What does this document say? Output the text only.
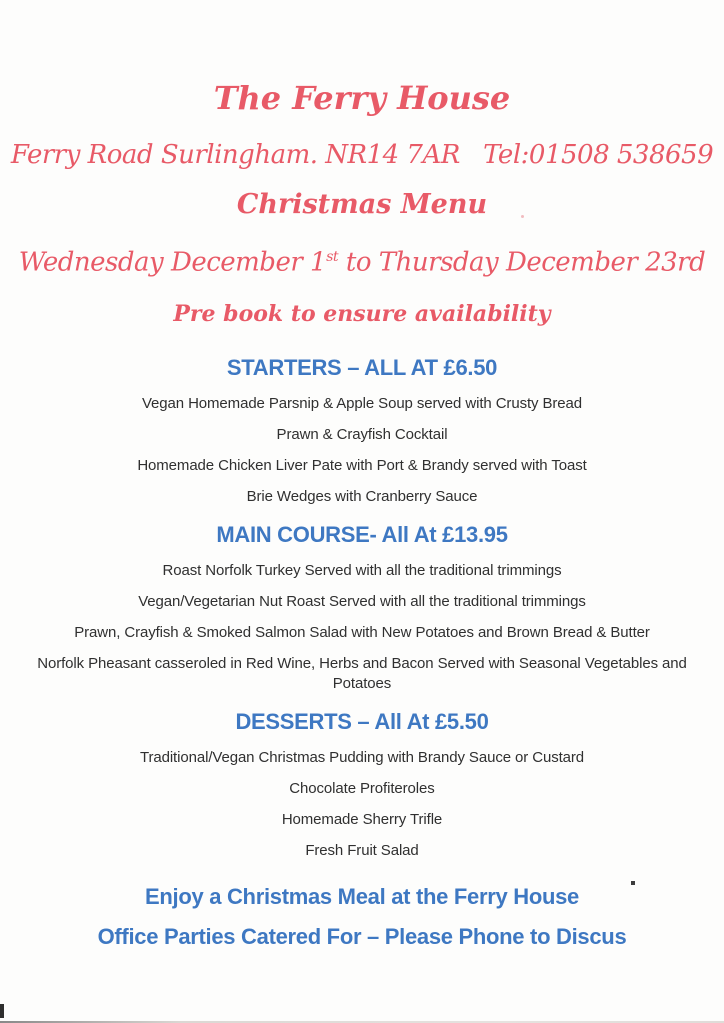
The Ferry House
Ferry Road Surlingham. NR14 7AR   Tel:01508 538659
Christmas Menu
Wednesday December 1st to Thursday December 23rd
Pre book to ensure availability
STARTERS – ALL AT £6.50
Vegan Homemade Parsnip & Apple Soup served with Crusty Bread
Prawn & Crayfish Cocktail
Homemade Chicken Liver Pate with Port & Brandy served with Toast
Brie Wedges with Cranberry Sauce
MAIN COURSE- All At £13.95
Roast Norfolk Turkey Served with all the traditional trimmings
Vegan/Vegetarian Nut Roast Served with all the traditional trimmings
Prawn, Crayfish & Smoked Salmon Salad with New Potatoes and Brown Bread & Butter
Norfolk Pheasant casseroled in Red Wine, Herbs and Bacon Served with Seasonal Vegetables and Potatoes
DESSERTS – All At £5.50
Traditional/Vegan Christmas Pudding with Brandy Sauce or Custard
Chocolate Profiteroles
Homemade Sherry Trifle
Fresh Fruit Salad
Enjoy a Christmas Meal at the Ferry House
Office Parties Catered For – Please Phone to Discus
